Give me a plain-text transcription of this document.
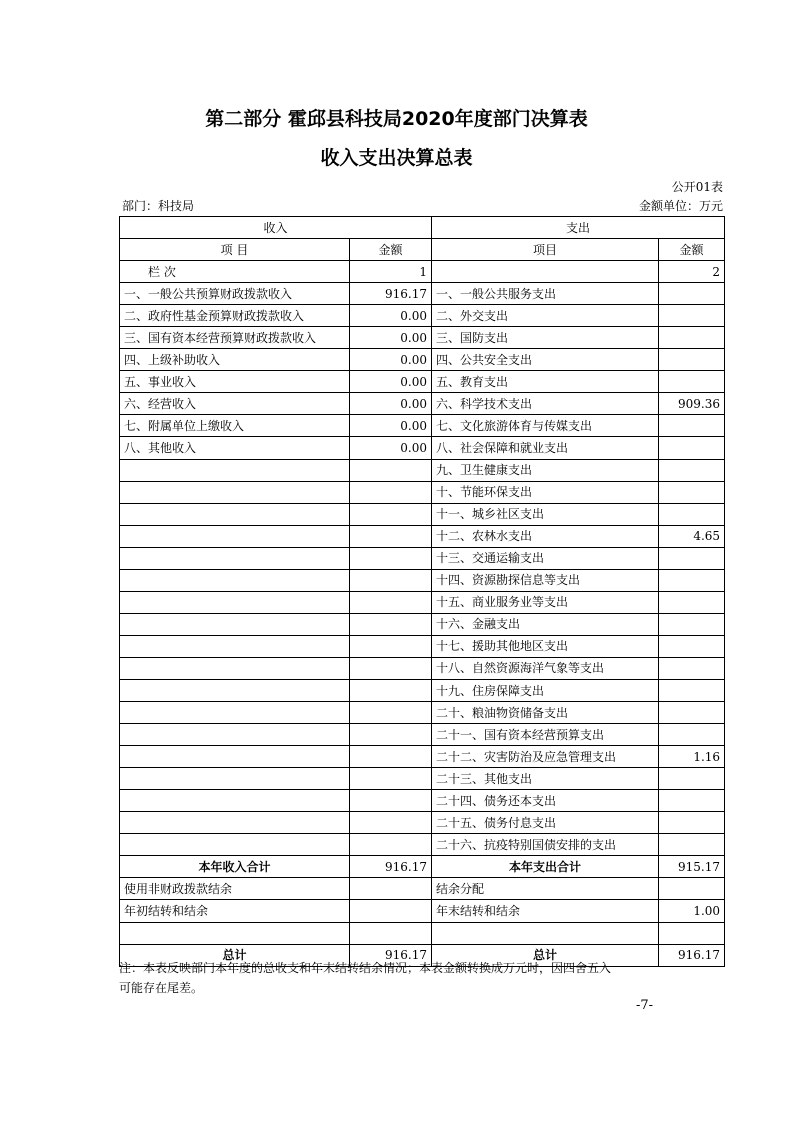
第二部分 霍邱县科技局2020年度部门决算表
收入支出决算总表
公开01表
部门：科技局	金额单位：万元
收入		支出	
项 目	金额	项目	金额
栏 次	1		2
一、一般公共预算财政拨款收入	916.17	一、一般公共服务支出	
二、政府性基金预算财政拨款收入	0.00	二、外交支出	
三、国有资本经营预算财政拨款收入	0.00	三、国防支出	
四、上级补助收入	0.00	四、公共安全支出	
五、事业收入	0.00	五、教育支出	
六、经营收入	0.00	六、科学技术支出	909.36
七、附属单位上缴收入	0.00	七、文化旅游体育与传媒支出	
八、其他收入	0.00	八、社会保障和就业支出	
		九、卫生健康支出	
		十、节能环保支出	
		十一、城乡社区支出	
		十二、农林水支出	4.65
		十三、交通运输支出	
		十四、资源勘探信息等支出	
		十五、商业服务业等支出	
		十六、金融支出	
		十七、援助其他地区支出	
		十八、自然资源海洋气象等支出	
		十九、住房保障支出	
		二十、粮油物资储备支出	
		二十一、国有资本经营预算支出	
		二十二、灾害防治及应急管理支出	1.16
		二十三、其他支出	
		二十四、债务还本支出	
		二十五、债务付息支出	
		二十六、抗疫特别国债安排的支出	
本年收入合计	916.17	本年支出合计	915.17
使用非财政拨款结余		结余分配	
年初结转和结余		年末结转和结余	1.00

总计	916.17	总计	916.17
注：本表反映部门本年度的总收支和年末结转结余情况；本表金额转换成万元时，因四舍五入
可能存在尾差。
-7-
